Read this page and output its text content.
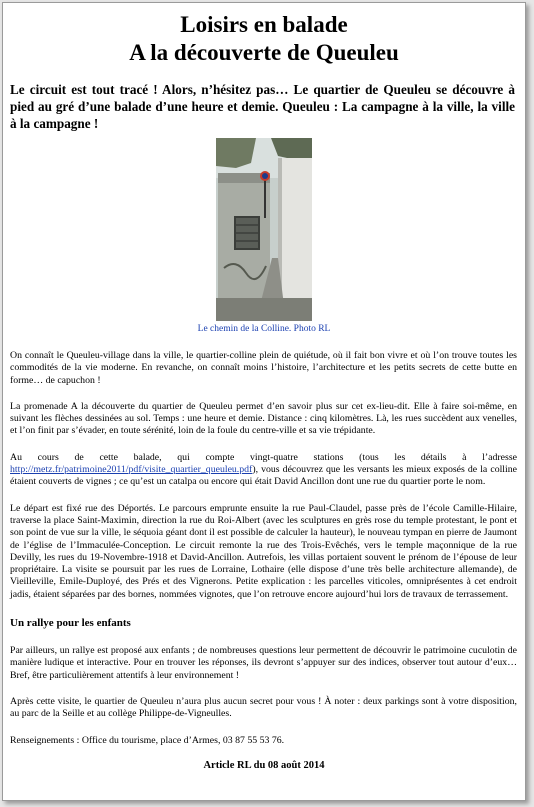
Loisirs en balade
A la découverte de Queuleu

Le circuit est tout tracé ! Alors, n’hésitez pas… Le quartier de Queuleu se découvre à pied au gré d’une balade d’une heure et demie. Queuleu : La campagne à la ville, la ville à la campagne !

Le chemin de la Colline. Photo RL

On connaît le Queuleu-village dans la ville, le quartier-colline plein de quiétude, où il fait bon vivre et où l’on trouve toutes les commodités de la vie moderne. En revanche, on connaît moins l’histoire, l’architecture et les petits secrets de cette butte en forme… de capuchon !

La promenade A la découverte du quartier de Queuleu permet d’en savoir plus sur cet ex-lieu-dit. Elle à faire soi-même, en suivant les flèches dessinées au sol. Temps : une heure et demie. Distance : cinq kilomètres. Là, les rues succèdent aux venelles, et l’on finit par s’évader, en toute sérénité, loin de la foule du centre-ville et sa vie trépidante.

Au cours de cette balade, qui compte vingt-quatre stations (tous les détails à l’adresse http://metz.fr/patrimoine2011/pdf/visite_quartier_queuleu.pdf), vous découvrez que les versants les mieux exposés de la colline étaient couverts de vignes ; ce qu’est un catalpa ou encore qui était David Ancillon dont une rue du quartier porte le nom.

Le départ est fixé rue des Déportés. Le parcours emprunte ensuite la rue Paul-Claudel, passe près de l’école Camille-Hilaire, traverse la place Saint-Maximin, direction la rue du Roi-Albert (avec les sculptures en grès rose du temple protestant, le pont et son point de vue sur la ville, le séquoia géant dont il est possible de calculer la hauteur), le nouveau tympan en pierre de Jaumont de l’église de l’Immaculée-Conception. Le circuit remonte la rue des Trois-Evêchés, vers le temple maçonnique de la rue Devilly, les rues du 19-Novembre-1918 et David-Ancillon. Autrefois, les villas portaient souvent le prénom de l’épouse de leur propriétaire. La visite se poursuit par les rues de Lorraine, Lothaire (elle dispose d’une très belle architecture allemande), de Vieilleville, Emile-Duployé, des Prés et des Vignerons. Petite explication : les parcelles viticoles, omniprésentes à cet endroit jadis, étaient séparées par des bornes, nommées vignotes, que l’on retrouve encore aujourd’hui lors de travaux de terrassement.

Un rallye pour les enfants

Par ailleurs, un rallye est proposé aux enfants ; de nombreuses questions leur permettent de découvrir le patrimoine cuculotin de manière ludique et interactive. Pour en trouver les réponses, ils devront s’appuyer sur des indices, observer tout autour d’eux… Bref, être particulièrement attentifs à leur environnement !

Après cette visite, le quartier de Queuleu n’aura plus aucun secret pour vous ! À noter : deux parkings sont à votre disposition, au parc de la Seille et au collège Philippe-de-Vigneulles.

Renseignements : Office du tourisme, place d’Armes, 03 87 55 53 76.

Article RL du 08 août 2014
